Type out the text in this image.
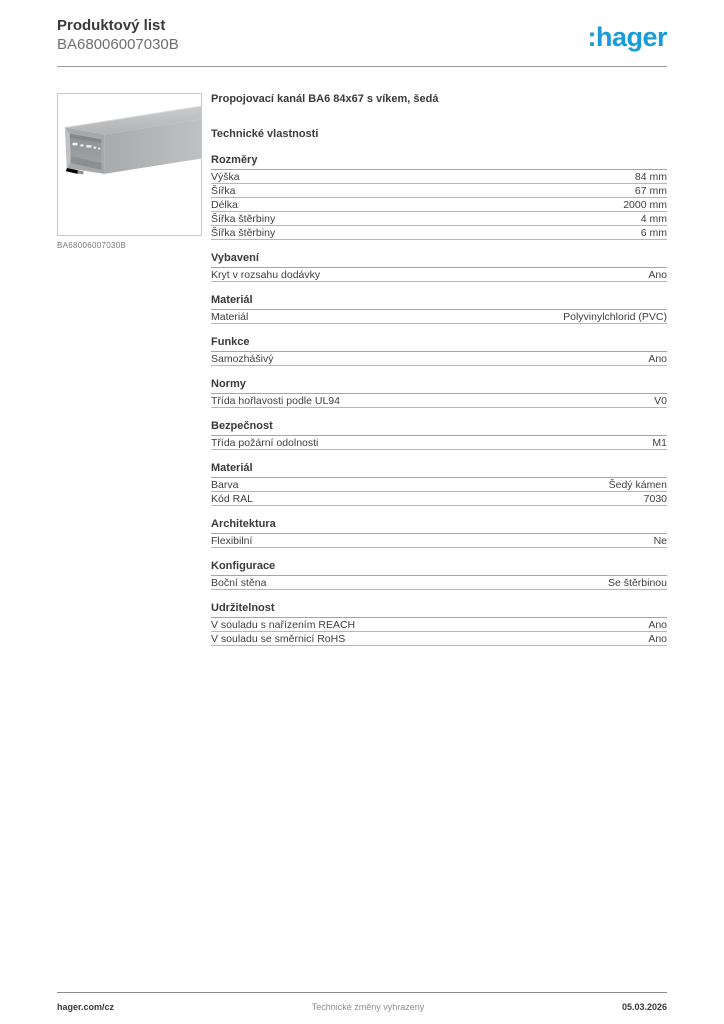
Produktový list
BA68006007030B	:hager
BA68006007030B
Propojovací kanál BA6 84x67 s víkem, šedá
Technické vlastnosti
Rozměry
Výška	84 mm
Šířka	67 mm
Délka	2000 mm
Šířka štěrbiny	4 mm
Šířka štěrbiny	6 mm
Vybavení
Kryt v rozsahu dodávky	Ano
Materiál
Materiál	Polyvinylchlorid (PVC)
Funkce
Samozhášivý	Ano
Normy
Třída hořlavosti podle UL94	V0
Bezpečnost
Třída požární odolnosti	M1
Materiál
Barva	Šedý kámen
Kód RAL	7030
Architektura
Flexibilní	Ne
Konfigurace
Boční stěna	Se štěrbinou
Udržitelnost
V souladu s nařízením REACH	Ano
V souladu se směrnicí RoHS	Ano
hager.com/cz	Technické změny vyhrazeny	05.03.2026
